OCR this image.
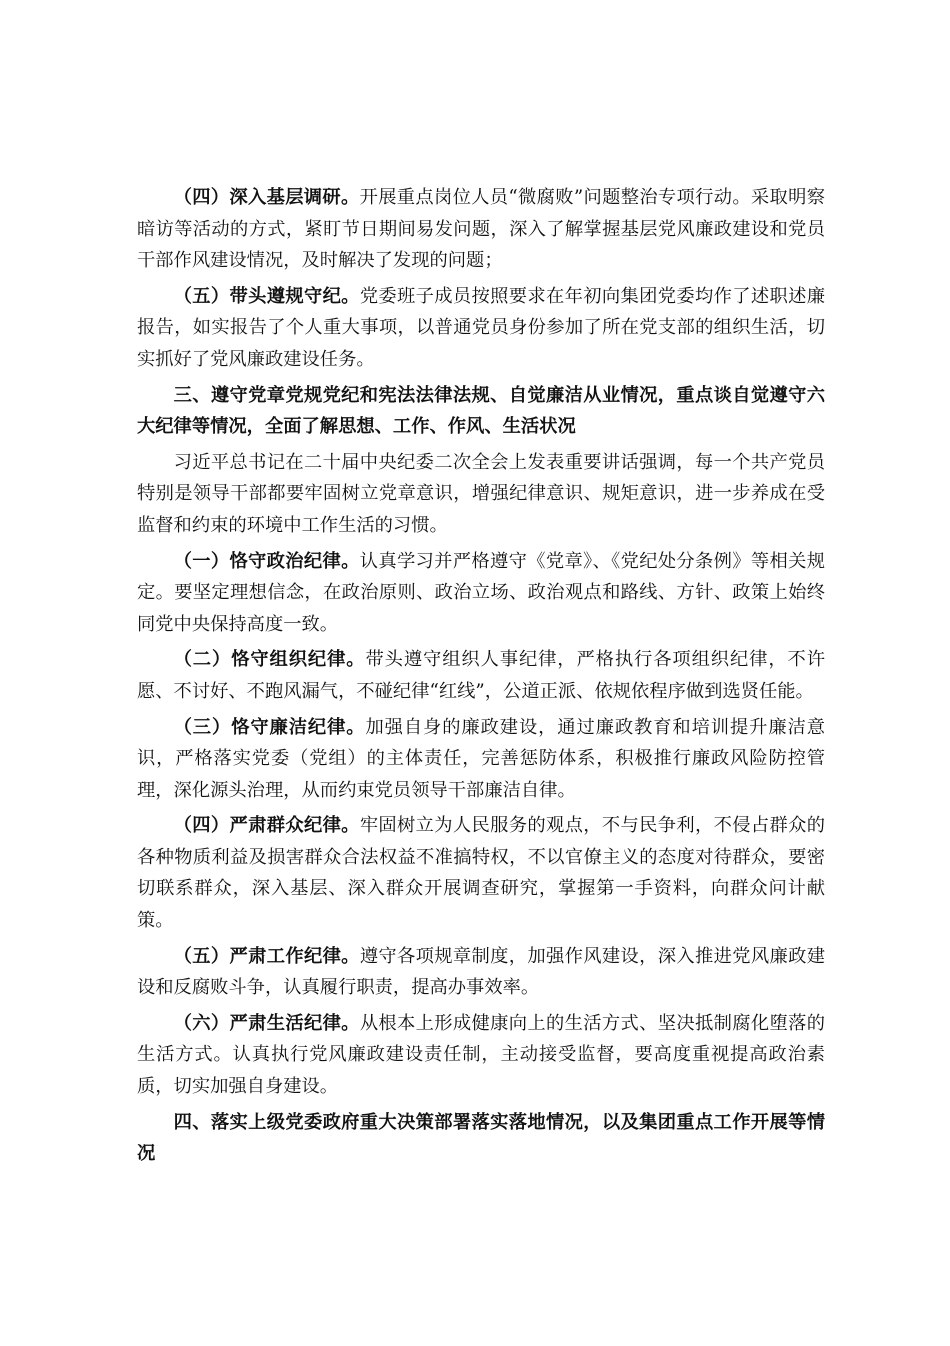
（四）深入基层调研。开展重点岗位人员“微腐败”问题整治专项行动。采取明察暗访等活动的方式，紧盯节日期间易发问题，深入了解掌握基层党风廉政建设和党员干部作风建设情况，及时解决了发现的问题；

（五）带头遵规守纪。党委班子成员按照要求在年初向集团党委均作了述职述廉报告，如实报告了个人重大事项，以普通党员身份参加了所在党支部的组织生活，切实抓好了党风廉政建设任务。

三、遵守党章党规党纪和宪法法律法规、自觉廉洁从业情况，重点谈自觉遵守六大纪律等情况，全面了解思想、工作、作风、生活状况

习近平总书记在二十届中央纪委二次全会上发表重要讲话强调，每一个共产党员特别是领导干部都要牢固树立党章意识，增强纪律意识、规矩意识，进一步养成在受监督和约束的环境中工作生活的习惯。

（一）恪守政治纪律。认真学习并严格遵守《党章》、《党纪处分条例》等相关规定。要坚定理想信念，在政治原则、政治立场、政治观点和路线、方针、政策上始终同党中央保持高度一致。

（二）恪守组织纪律。带头遵守组织人事纪律，严格执行各项组织纪律，不许愿、不讨好、不跑风漏气，不碰纪律“红线”，公道正派、依规依程序做到选贤任能。

（三）恪守廉洁纪律。加强自身的廉政建设，通过廉政教育和培训提升廉洁意识，严格落实党委（党组）的主体责任，完善惩防体系，积极推行廉政风险防控管理，深化源头治理，从而约束党员领导干部廉洁自律。

（四）严肃群众纪律。牢固树立为人民服务的观点，不与民争利，不侵占群众的各种物质利益及损害群众合法权益不准搞特权，不以官僚主义的态度对待群众，要密切联系群众，深入基层、深入群众开展调查研究，掌握第一手资料，向群众问计献策。

（五）严肃工作纪律。遵守各项规章制度，加强作风建设，深入推进党风廉政建设和反腐败斗争，认真履行职责，提高办事效率。

（六）严肃生活纪律。从根本上形成健康向上的生活方式、坚决抵制腐化堕落的生活方式。认真执行党风廉政建设责任制，主动接受监督，要高度重视提高政治素质，切实加强自身建设。

四、落实上级党委政府重大决策部署落实落地情况，以及集团重点工作开展等情况
